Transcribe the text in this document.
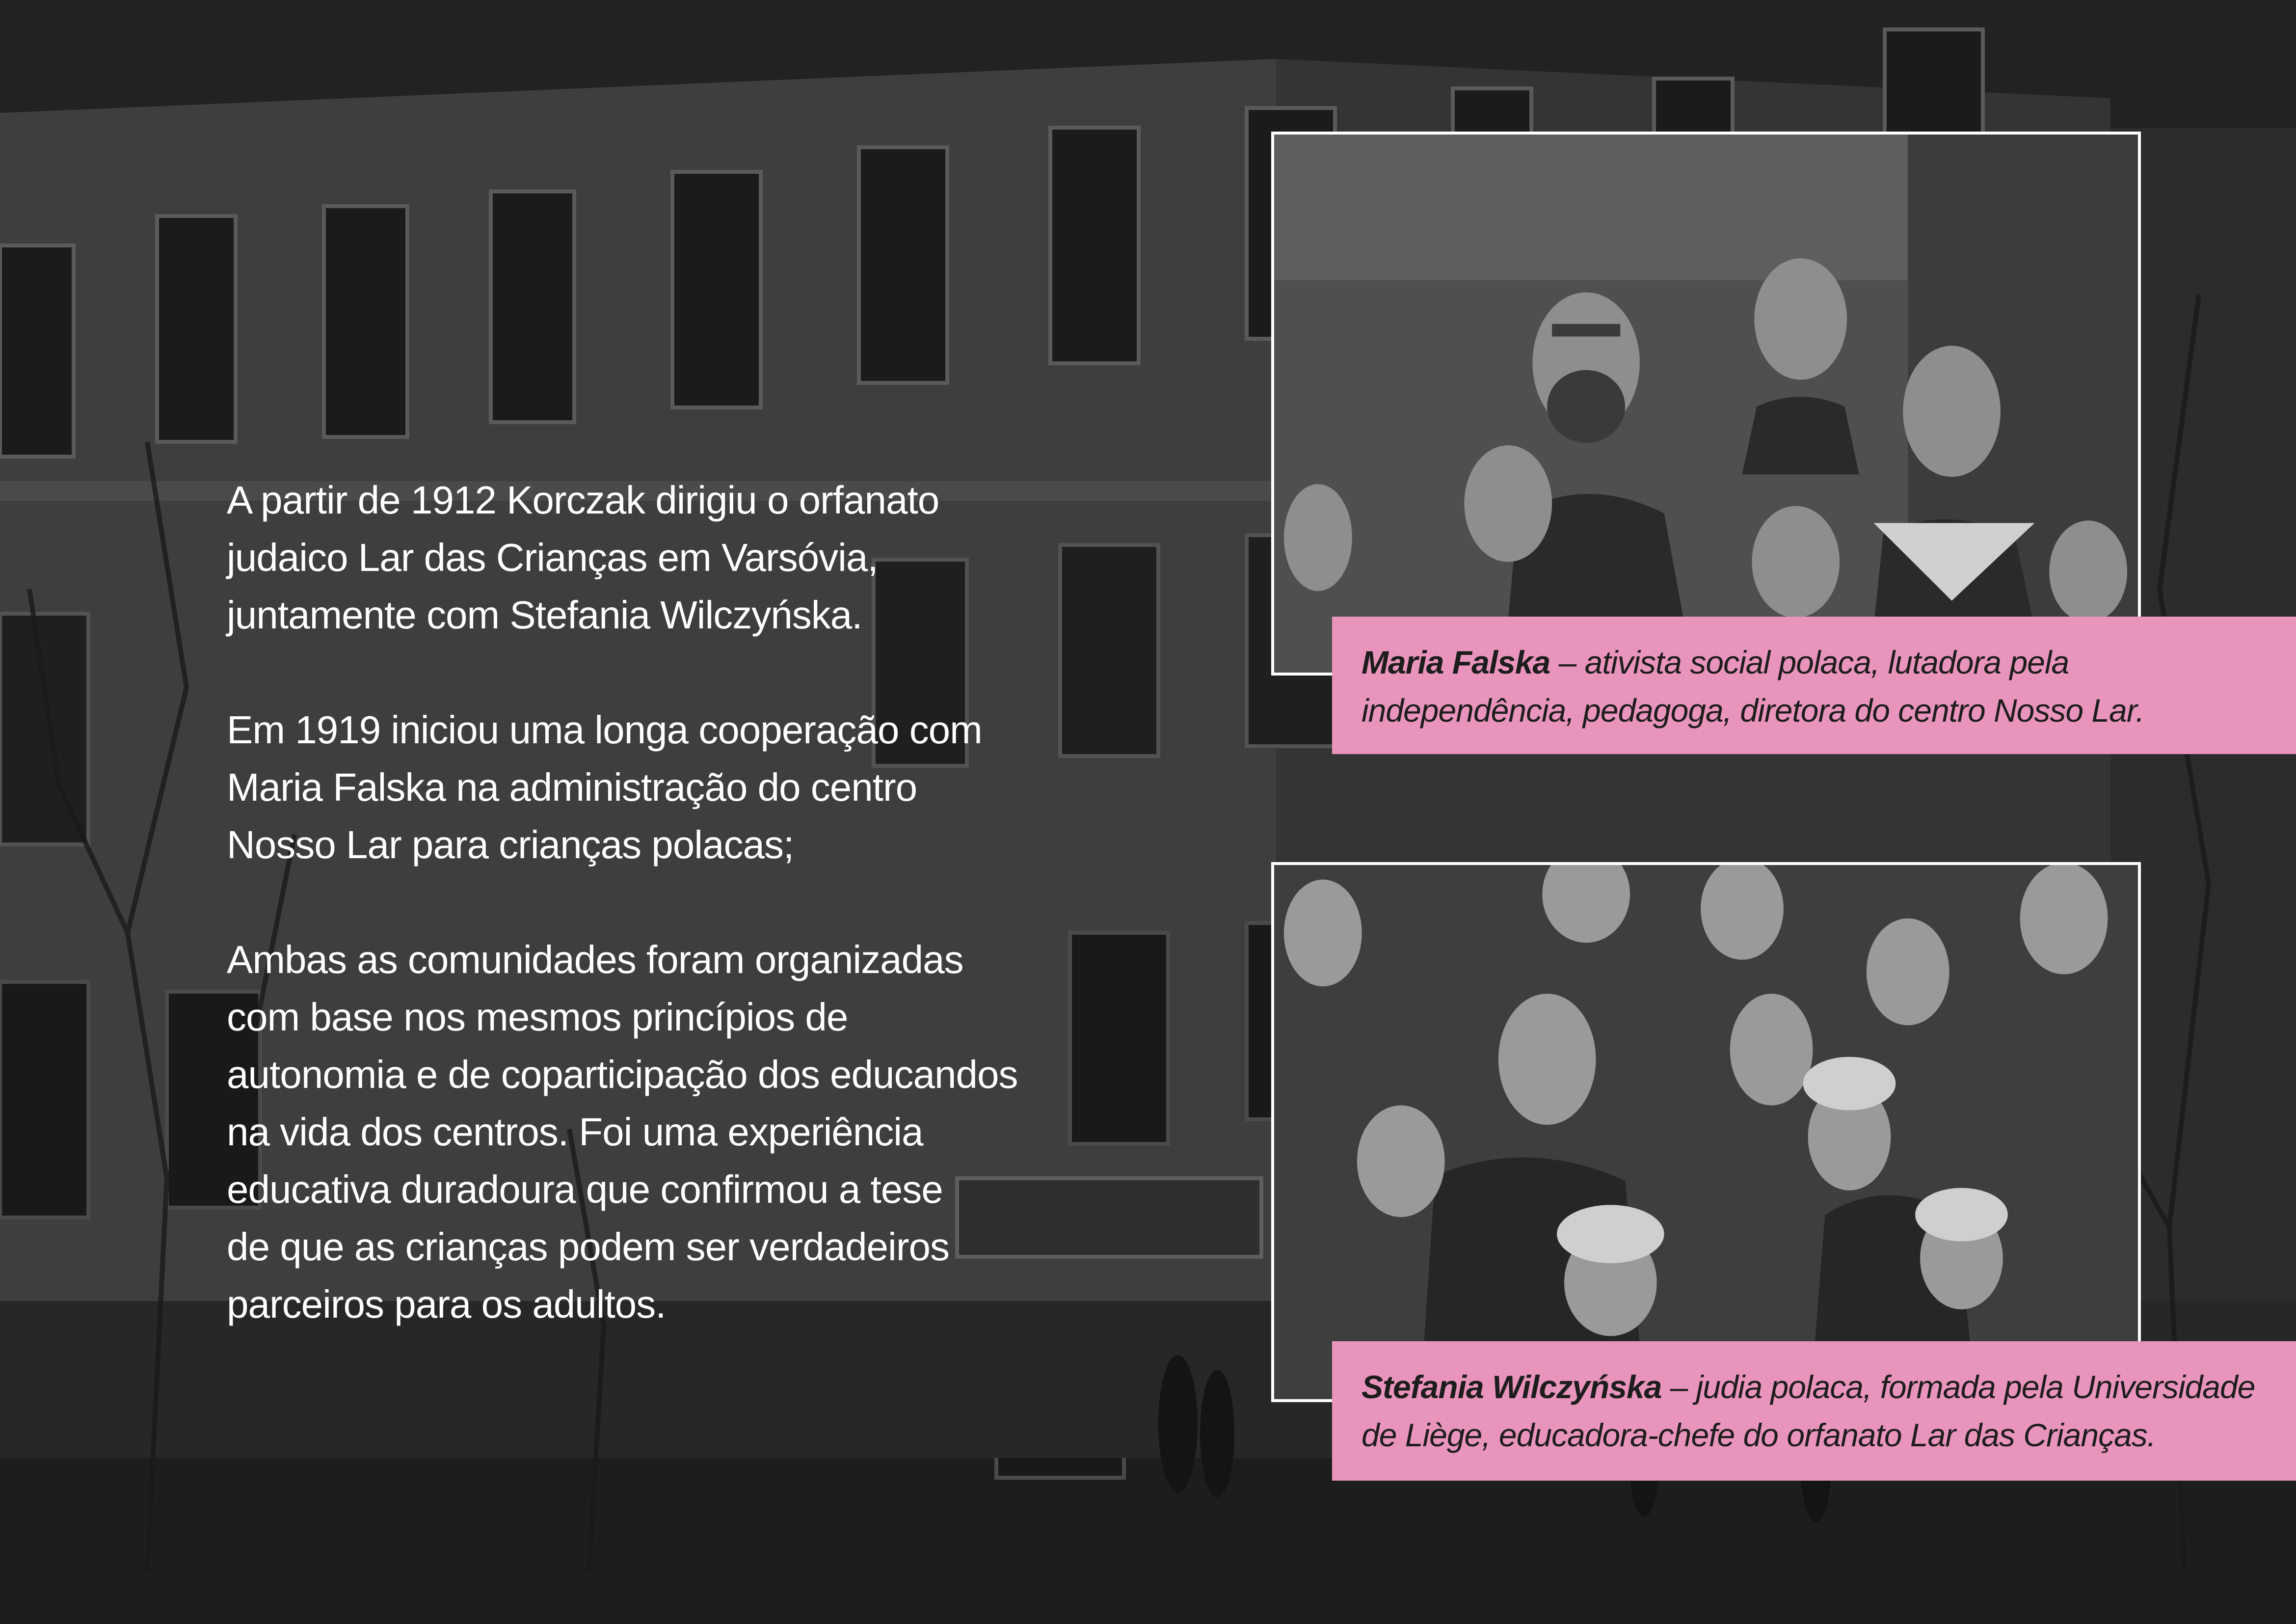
A partir de 1912 Korczak dirigiu o orfanato
judaico Lar das Crianças em Varsóvia,
juntamente com Stefania Wilczyńska.

Em 1919 iniciou uma longa cooperação com
Maria Falska na administração do centro
Nosso Lar para crianças polacas;

Ambas as comunidades foram organizadas
com base nos mesmos princípios de
autonomia e de coparticipação dos educandos
na vida dos centros. Foi uma experiência
educativa duradoura que confirmou a tese
de que as crianças podem ser verdadeiros
parceiros para os adultos.

Maria Falska – ativista social polaca, lutadora pela
independência, pedagoga, diretora do centro Nosso Lar.
Stefania Wilczyńska – judia polaca, formada pela Universidade
de Liège, educadora-chefe do orfanato Lar das Crianças.
